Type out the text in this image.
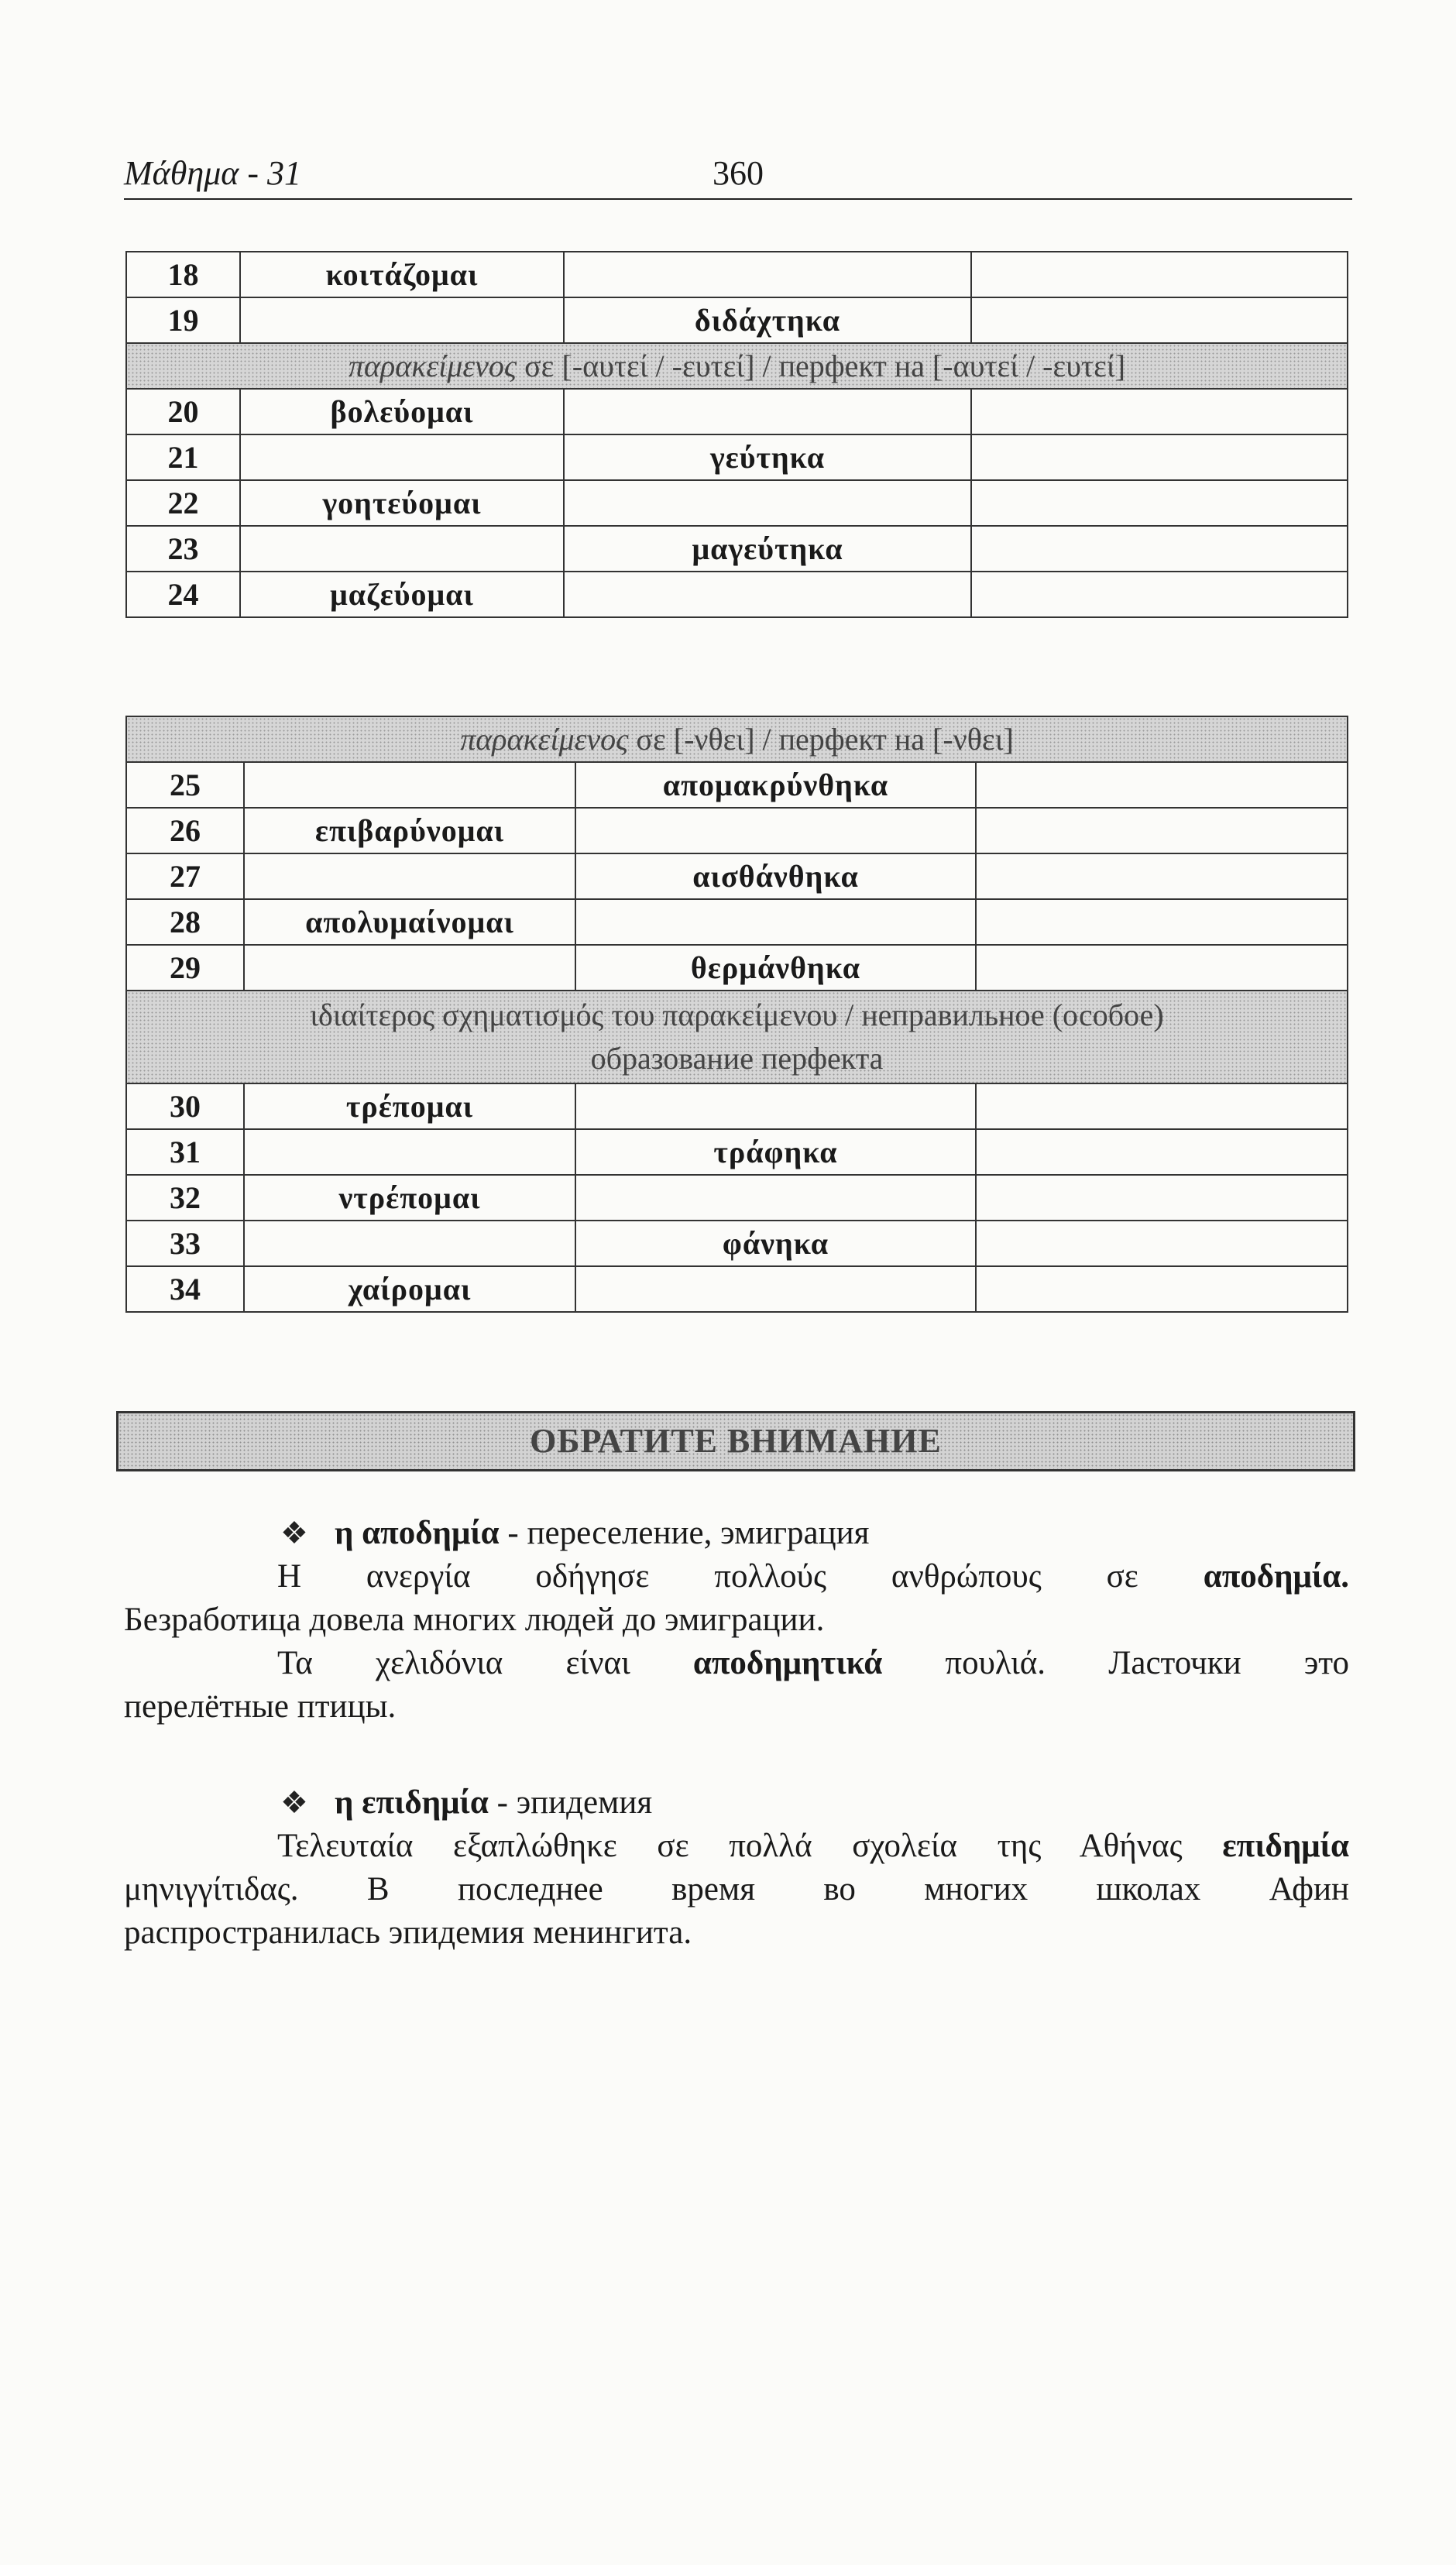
Μάθημα - 31	360
18	κοιτάζομαι		
19		διδάχτηκα	
παρακείμενος σε [-αυτεί / -ευτεί] / перфект на [-αυτεί / -ευτεί]			
20	βολεύομαι		
21		γεύτηκα	
22	γοητεύομαι		
23		μαγεύτηκα	
24	μαζεύομαι		
παρακείμενος σε [-νθει] / перфект на [-νθει]			
25		απομακρύνθηκα	
26	επιβαρύνομαι		
27		αισθάνθηκα	
28	απολυμαίνομαι		
29		θερμάνθηκα	
ιδιαίτερος σχηματισμός του παρακείμενου / неправильное (особое)
образование перфекта			
30	τρέπομαι		
31		τράφηκα	
32	ντρέπομαι		
33		φάνηκα	
34	χαίρομαι		
ОБРАТИТЕ ВНИМАНИЕ
❖ η αποδημία - переселение, эмиграция
Η ανεργία οδήγησε πολλούς ανθρώπους σε αποδημία.
Безработица довела многих людей до эмиграции.
Τα χελιδόνια είναι αποδημητικά πουλιά. Ласточки это
перелётные птицы.
❖ η επιδημία - эпидемия
Τελευταία εξαπλώθηκε σε πολλά σχολεία της Αθήνας επιδημία
μηνιγγίτιδας. В последнее время во многих школах Афин
распространилась эпидемия менингита.
